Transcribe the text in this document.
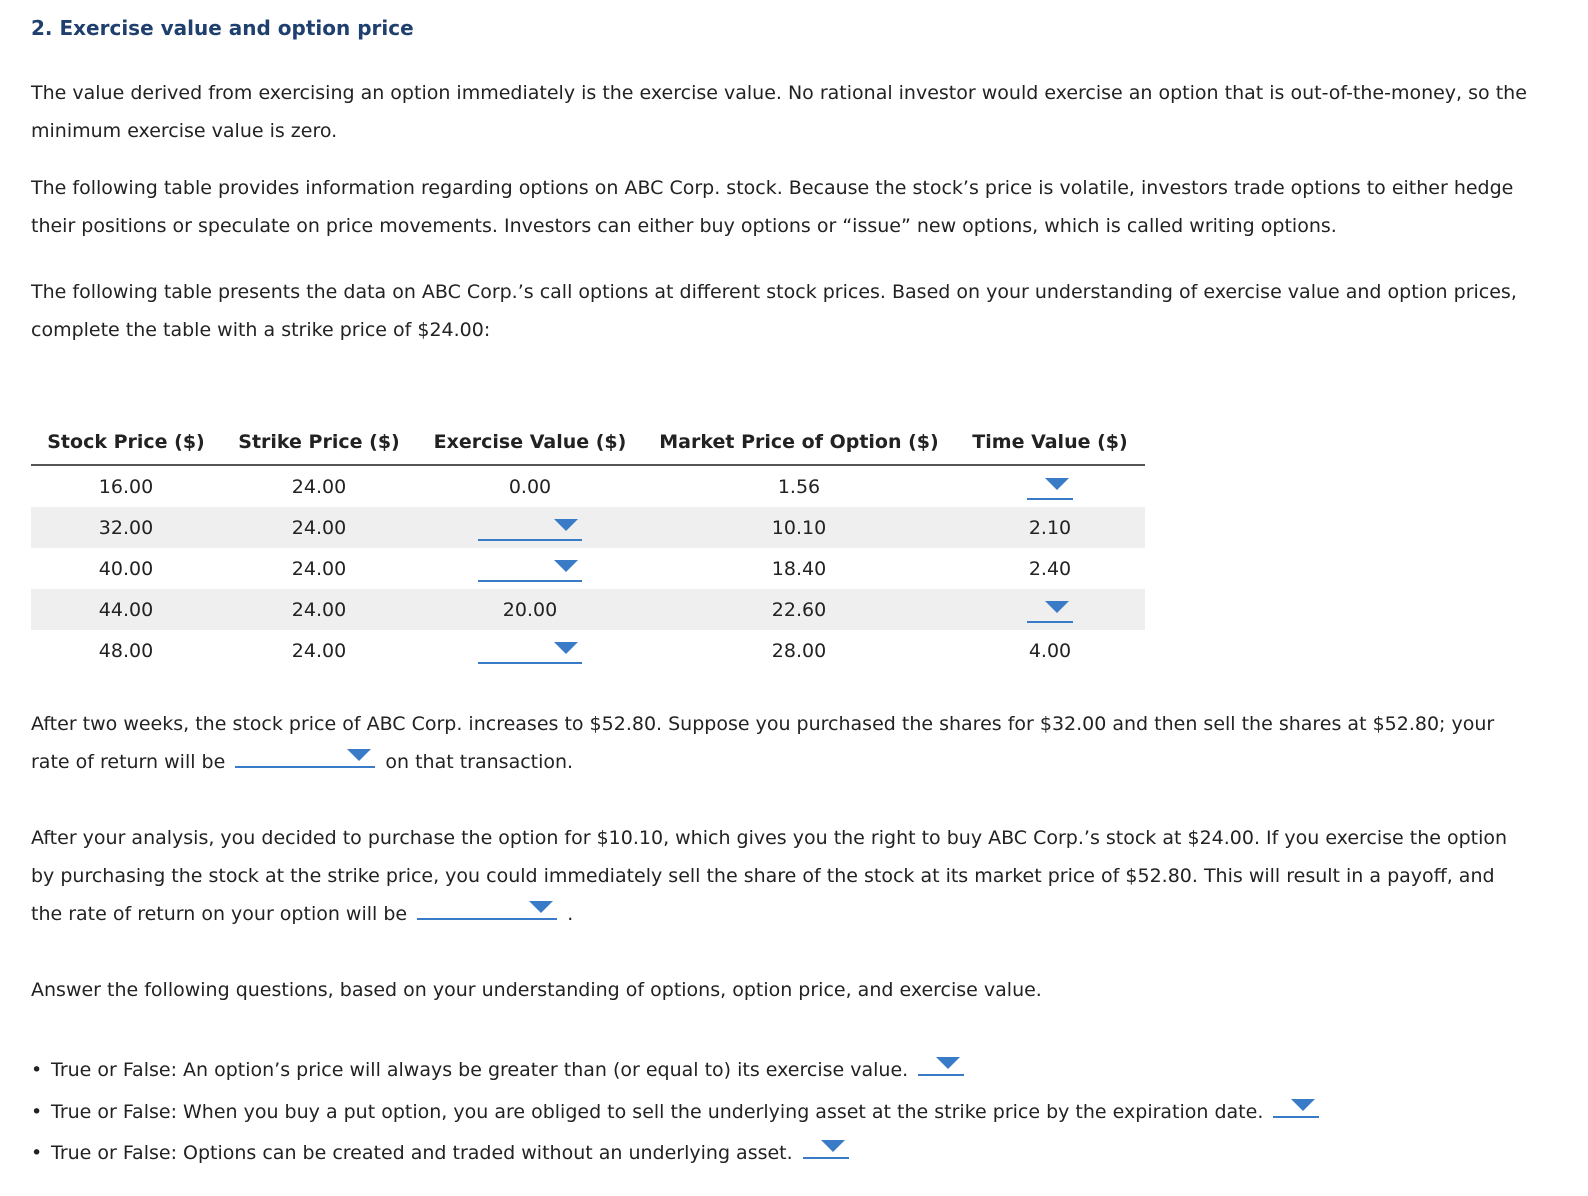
2. Exercise value and option price
The value derived from exercising an option immediately is the exercise value. No rational investor would exercise an option that is out-of-the-money, so the minimum exercise value is zero.
The following table provides information regarding options on ABC Corp. stock. Because the stock’s price is volatile, investors trade options to either hedge their positions or speculate on price movements. Investors can either buy options or “issue” new options, which is called writing options.
The following table presents the data on ABC Corp.’s call options at different stock prices. Based on your understanding of exercise value and option prices, complete the table with a strike price of $24.00:
Stock Price ($)	Strike Price ($)	Exercise Value ($)	Market Price of Option ($)	Time Value ($)
16.00	24.00	0.00	1.56	

32.00	24.00		10.10	2.10
40.00	24.00		18.40	2.40
44.00	24.00	20.00	22.60	

48.00	24.00		28.00	4.00
After two weeks, the stock price of ABC Corp. increases to $52.80. Suppose you purchased the shares for $32.00 and then sell the shares at $52.80; your rate of return will be	on that transaction.
After your analysis, you decided to purchase the option for $10.10, which gives you the right to buy ABC Corp.’s stock at $24.00. If you exercise the option by purchasing the stock at the strike price, you could immediately sell the share of the stock at its market price of $52.80. This will result in a payoff, and the rate of return on your option will be	.
Answer the following questions, based on your understanding of options, option price, and exercise value.
• True or False: An option’s price will always be greater than (or equal to) its exercise value.
• True or False: When you buy a put option, you are obliged to sell the underlying asset at the strike price by the expiration date.
• True or False: Options can be created and traded without an underlying asset.
